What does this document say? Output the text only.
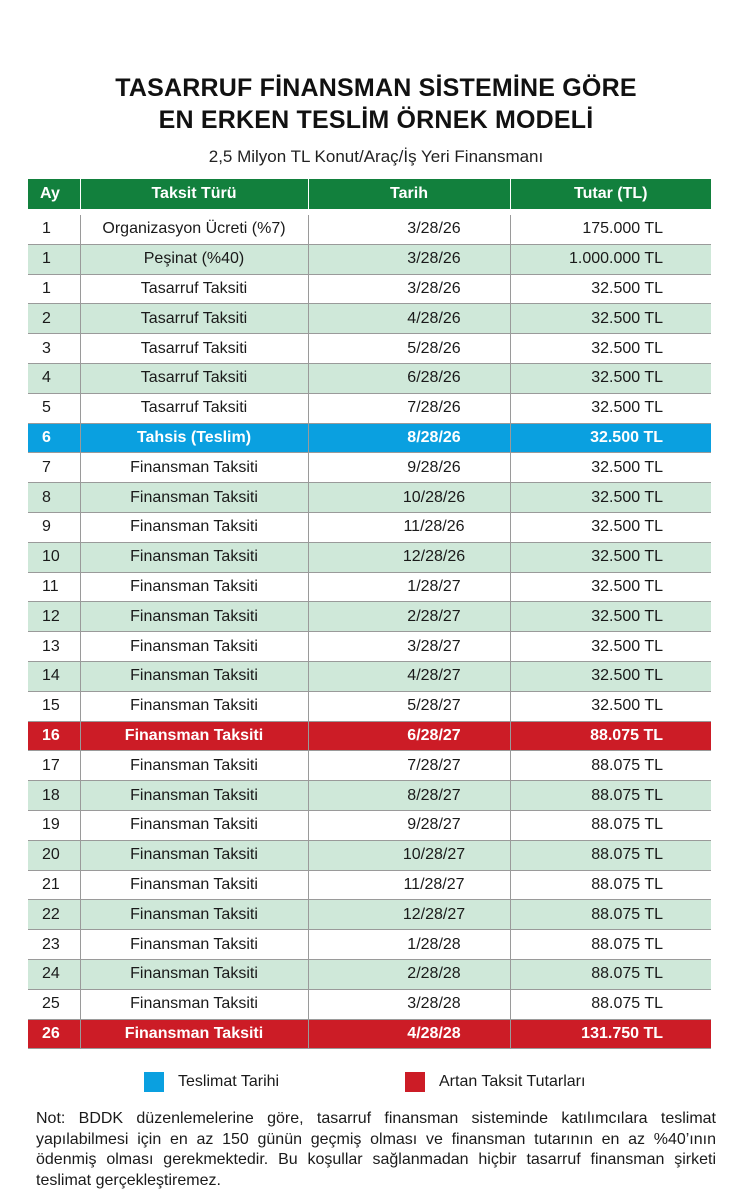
TASARRUF FİNANSMAN SİSTEMİNE GÖRE
EN ERKEN TESLİM ÖRNEK MODELİ
2,5 Milyon TL Konut/Araç/İş Yeri Finansmanı
Ay	Taksit Türü	Tarih	Tutar (TL)

1	Organizasyon Ücreti (%7)	3/28/26	175.000 TL
1	Peşinat (%40)	3/28/26	1.000.000 TL
1	Tasarruf Taksiti	3/28/26	32.500 TL
2	Tasarruf Taksiti	4/28/26	32.500 TL
3	Tasarruf Taksiti	5/28/26	32.500 TL
4	Tasarruf Taksiti	6/28/26	32.500 TL
5	Tasarruf Taksiti	7/28/26	32.500 TL
6	Tahsis (Teslim)	8/28/26	32.500 TL
7	Finansman Taksiti	9/28/26	32.500 TL
8	Finansman Taksiti	10/28/26	32.500 TL
9	Finansman Taksiti	11/28/26	32.500 TL
10	Finansman Taksiti	12/28/26	32.500 TL
11	Finansman Taksiti	1/28/27	32.500 TL
12	Finansman Taksiti	2/28/27	32.500 TL
13	Finansman Taksiti	3/28/27	32.500 TL
14	Finansman Taksiti	4/28/27	32.500 TL
15	Finansman Taksiti	5/28/27	32.500 TL
16	Finansman Taksiti	6/28/27	88.075 TL
17	Finansman Taksiti	7/28/27	88.075 TL
18	Finansman Taksiti	8/28/27	88.075 TL
19	Finansman Taksiti	9/28/27	88.075 TL
20	Finansman Taksiti	10/28/27	88.075 TL
21	Finansman Taksiti	11/28/27	88.075 TL
22	Finansman Taksiti	12/28/27	88.075 TL
23	Finansman Taksiti	1/28/28	88.075 TL
24	Finansman Taksiti	2/28/28	88.075 TL
25	Finansman Taksiti	3/28/28	88.075 TL
26	Finansman Taksiti	4/28/28	131.750 TL
Teslimat Tarihi	Artan Taksit Tutarları
Not: BDDK düzenlemelerine göre, tasarruf finansman sisteminde katılımcılara teslimat yapılabilmesi için en az 150 günün geçmiş olması ve finansman tutarının en az %40’ının ödenmiş olması gerekmektedir. Bu koşullar sağlanmadan hiçbir tasarruf finansman şirketi teslimat gerçekleştiremez.
